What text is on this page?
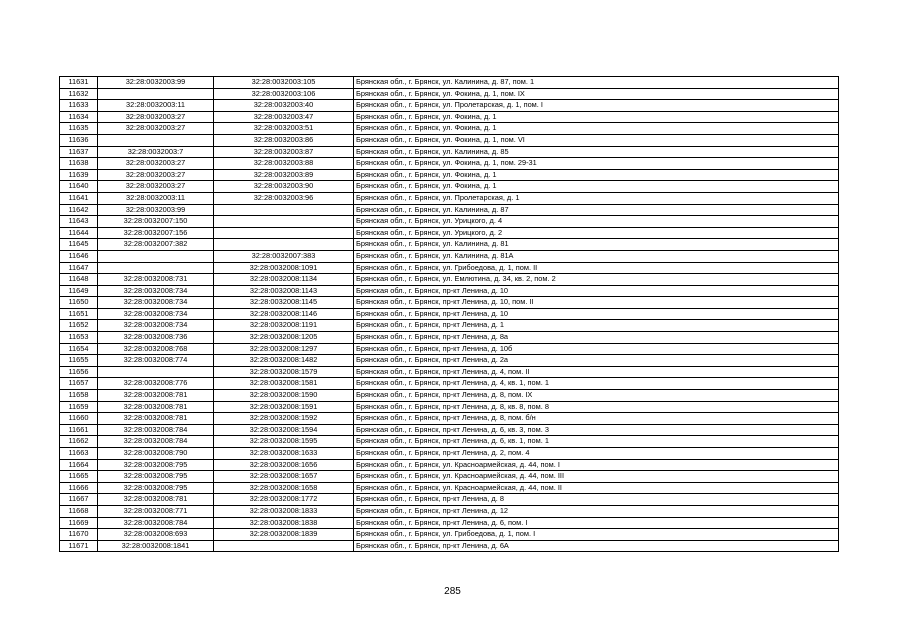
11631	32:28:0032003:99	32:28:0032003:105	Брянская обл., г. Брянск, ул. Калинина, д. 87, пом. 1
11632		32:28:0032003:106	Брянская обл., г. Брянск, ул. Фокина, д. 1, пом. IX
11633	32:28:0032003:11	32:28:0032003:40	Брянская обл., г. Брянск, ул. Пролетарская, д. 1, пом. I
11634	32:28:0032003:27	32:28:0032003:47	Брянская обл., г. Брянск, ул. Фокина, д. 1
11635	32:28:0032003:27	32:28:0032003:51	Брянская обл., г. Брянск, ул. Фокина, д. 1
11636		32:28:0032003:86	Брянская обл., г. Брянск, ул. Фокина, д. 1, пом. VI
11637	32:28:0032003:7	32:28:0032003:87	Брянская обл., г. Брянск, ул. Калинина, д. 85
11638	32:28:0032003:27	32:28:0032003:88	Брянская обл., г. Брянск, ул. Фокина, д. 1, пом. 29-31
11639	32:28:0032003:27	32:28:0032003:89	Брянская обл., г. Брянск, ул. Фокина, д. 1
11640	32:28:0032003:27	32:28:0032003:90	Брянская обл., г. Брянск, ул. Фокина, д. 1
11641	32:28:0032003:11	32:28:0032003:96	Брянская обл., г. Брянск, ул. Пролетарская, д. 1
11642	32:28:0032003:99		Брянская обл., г. Брянск, ул. Калинина, д. 87
11643	32:28:0032007:150		Брянская обл., г. Брянск, ул. Урицкого, д. 4
11644	32:28:0032007:156		Брянская обл., г. Брянск, ул. Урицкого, д. 2
11645	32:28:0032007:382		Брянская обл., г. Брянск, ул. Калинина, д. 81
11646		32:28:0032007:383	Брянская обл., г. Брянск, ул. Калинина, д. 81А
11647		32:28:0032008:1091	Брянская обл., г. Брянск, ул. Грибоедова, д. 1, пом. II
11648	32:28:0032008:731	32:28:0032008:1134	Брянская обл., г. Брянск, ул. Емлютина, д. 34, кв. 2, пом. 2
11649	32:28:0032008:734	32:28:0032008:1143	Брянская обл., г. Брянск, пр-кт Ленина, д. 10
11650	32:28:0032008:734	32:28:0032008:1145	Брянская обл., г. Брянск, пр-кт Ленина, д. 10, пом. II
11651	32:28:0032008:734	32:28:0032008:1146	Брянская обл., г. Брянск, пр-кт Ленина, д. 10
11652	32:28:0032008:734	32:28:0032008:1191	Брянская обл., г. Брянск, пр-кт Ленина, д. 1
11653	32:28:0032008:736	32:28:0032008:1205	Брянская обл., г. Брянск, пр-кт Ленина, д. 8а
11654	32:28:0032008:768	32:28:0032008:1297	Брянская обл., г. Брянск, пр-кт Ленина, д. 10б
11655	32:28:0032008:774	32:28:0032008:1482	Брянская обл., г. Брянск, пр-кт Ленина, д. 2а
11656		32:28:0032008:1579	Брянская обл., г. Брянск, пр-кт Ленина, д. 4, пом. II
11657	32:28:0032008:776	32:28:0032008:1581	Брянская обл., г. Брянск, пр-кт Ленина, д. 4, кв. 1, пом. 1
11658	32:28:0032008:781	32:28:0032008:1590	Брянская обл., г. Брянск, пр-кт Ленина, д. 8, пом. IX
11659	32:28:0032008:781	32:28:0032008:1591	Брянская обл., г. Брянск, пр-кт Ленина, д. 8, кв. 8, пом. 8
11660	32:28:0032008:781	32:28:0032008:1592	Брянская обл., г. Брянск, пр-кт Ленина, д. 8, пом. б/н
11661	32:28:0032008:784	32:28:0032008:1594	Брянская обл., г. Брянск, пр-кт Ленина, д. 6, кв. 3, пом. 3
11662	32:28:0032008:784	32:28:0032008:1595	Брянская обл., г. Брянск, пр-кт Ленина, д. 6, кв. 1, пом. 1
11663	32:28:0032008:790	32:28:0032008:1633	Брянская обл., г. Брянск, пр-кт Ленина, д. 2, пом. 4
11664	32:28:0032008:795	32:28:0032008:1656	Брянская обл., г. Брянск, ул. Красноармейская, д. 44, пом. I
11665	32:28:0032008:795	32:28:0032008:1657	Брянская обл., г. Брянск, ул. Красноармейская, д. 44, пом. III
11666	32:28:0032008:795	32:28:0032008:1658	Брянская обл., г. Брянск, ул. Красноармейская, д. 44, пом. II
11667	32:28:0032008:781	32:28:0032008:1772	Брянская обл., г. Брянск, пр-кт Ленина, д. 8
11668	32:28:0032008:771	32:28:0032008:1833	Брянская обл., г. Брянск, пр-кт Ленина, д. 12
11669	32:28:0032008:784	32:28:0032008:1838	Брянская обл., г. Брянск, пр-кт Ленина, д. 6, пом. I
11670	32:28:0032008:693	32:28:0032008:1839	Брянская обл., г. Брянск, ул. Грибоедова, д. 1, пом. I
11671	32:28:0032008:1841		Брянская обл., г. Брянск, пр-кт Ленина, д. 6А
285
